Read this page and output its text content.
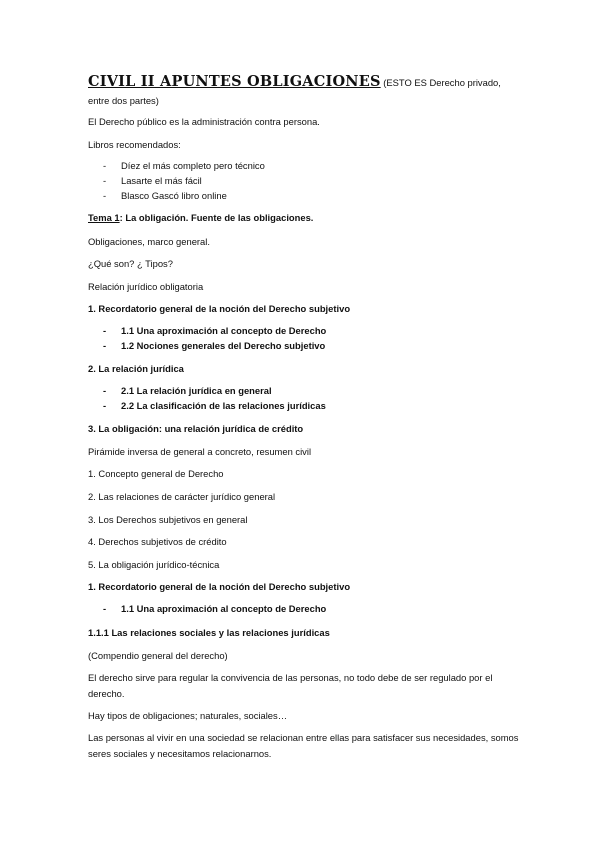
CIVIL II APUNTES OBLIGACIONES (ESTO ES Derecho privado,

entre dos partes)

El Derecho público es la administración contra persona.

Libros recomendados:

- Díez el más completo pero técnico
- Lasarte el más fácil
- Blasco Gascó libro online

Tema 1: La obligación. Fuente de las obligaciones.

Obligaciones, marco general.

¿Qué son? ¿ Tipos?

Relación jurídico obligatoria

1. Recordatorio general de la noción del Derecho subjetivo

- 1.1 Una aproximación al concepto de Derecho
- 1.2 Nociones generales del Derecho subjetivo

2. La relación jurídica

- 2.1 La relación jurídica en general
- 2.2 La clasificación de las relaciones jurídicas

3. La obligación: una relación jurídica de crédito

Pirámide inversa de general a concreto, resumen civil

1. Concepto general de Derecho

2. Las relaciones de carácter jurídico general

3. Los Derechos subjetivos en general

4. Derechos subjetivos de crédito

5. La obligación jurídico-técnica

1. Recordatorio general de la noción del Derecho subjetivo

- 1.1 Una aproximación al concepto de Derecho

1.1.1 Las relaciones sociales y las relaciones jurídicas

(Compendio general del derecho)

El derecho sirve para regular la convivencia de las personas, no todo debe de ser regulado por el derecho.

Hay tipos de obligaciones; naturales, sociales…

Las personas al vivir en una sociedad se relacionan entre ellas para satisfacer sus necesidades, somos seres sociales y necesitamos relacionarnos.
